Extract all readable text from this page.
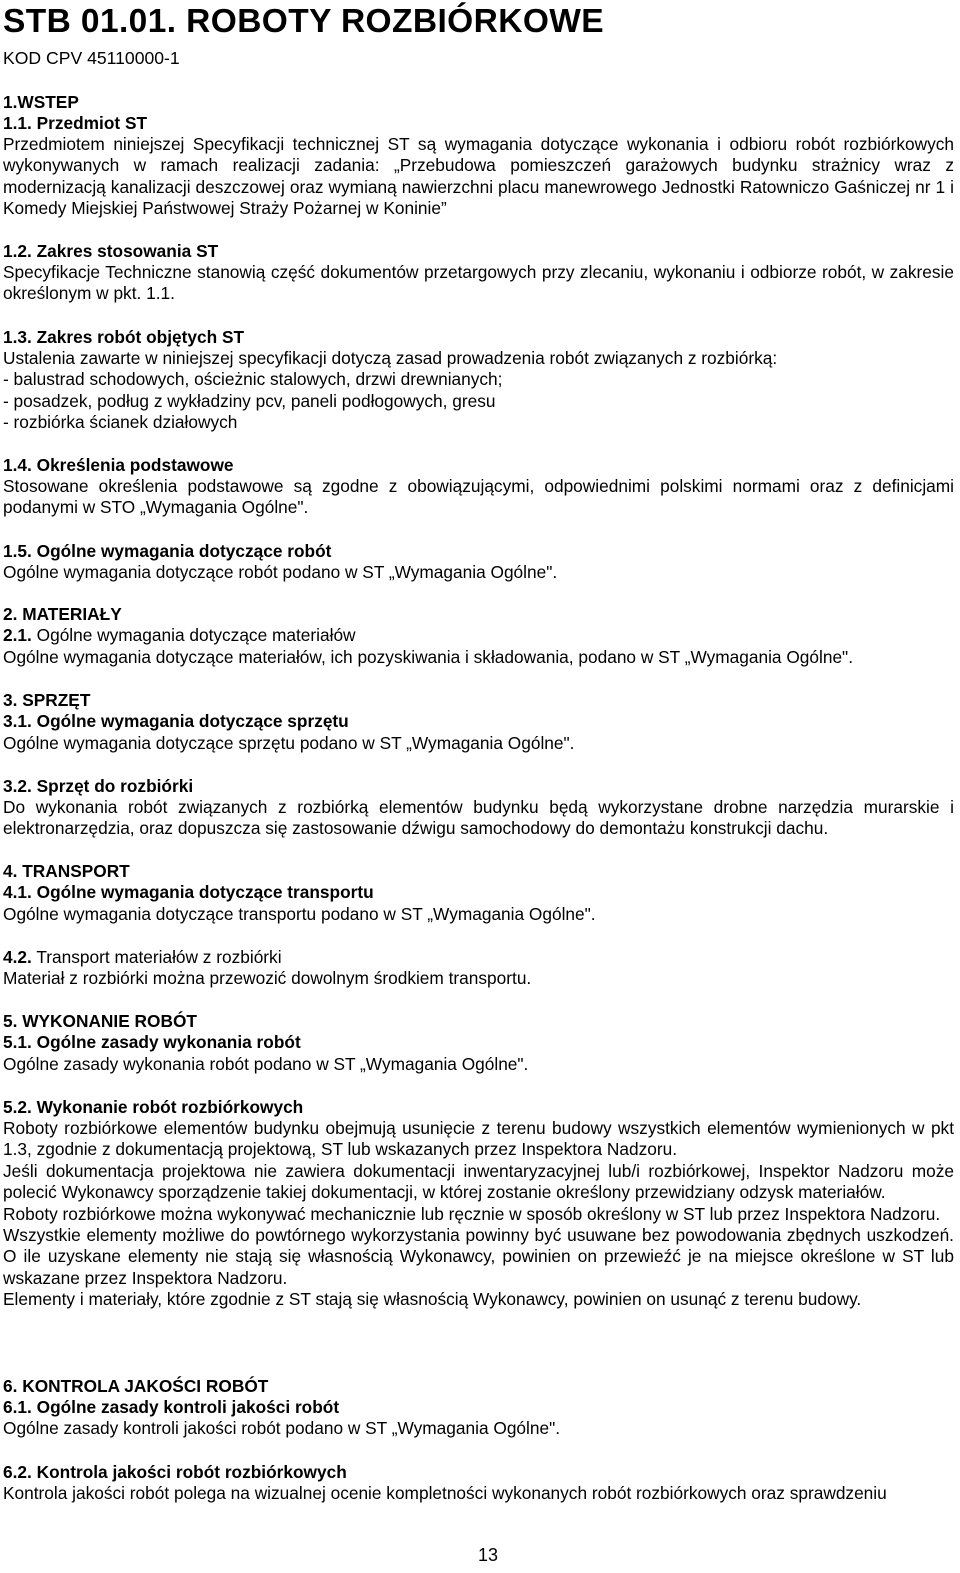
STB 01.01. ROBOTY ROZBIÓRKOWE
KOD CPV 45110000-1
1.WSTEP
1.1. Przedmiot ST
Przedmiotem niniejszej Specyfikacji technicznej ST są wymagania dotyczące wykonania i odbioru robót rozbiórkowych wykonywanych w ramach realizacji zadania: „Przebudowa pomieszczeń garażowych budynku strażnicy wraz z modernizacją kanalizacji deszczowej oraz wymianą nawierzchni placu manewrowego Jednostki Ratowniczo Gaśniczej nr 1 i Komedy Miejskiej Państwowej Straży Pożarnej w Koninie”
1.2. Zakres stosowania ST
Specyfikacje Techniczne stanowią część dokumentów przetargowych przy zlecaniu, wykonaniu i odbiorze robót, w zakresie określonym w pkt. 1.1.
1.3. Zakres robót objętych ST
Ustalenia zawarte w niniejszej specyfikacji dotyczą zasad prowadzenia robót związanych z rozbiórką:
- balustrad schodowych, ościeżnic stalowych, drzwi drewnianych;
- posadzek, podług z wykładziny pcv, paneli podłogowych, gresu
- rozbiórka ścianek działowych
1.4. Określenia podstawowe
Stosowane określenia podstawowe są zgodne z obowiązującymi, odpowiednimi polskimi normami oraz z definicjami podanymi w STO „Wymagania Ogólne".
1.5. Ogólne wymagania dotyczące robót
Ogólne wymagania dotyczące robót podano w ST „Wymagania Ogólne".
2. MATERIAŁY
2.1. Ogólne wymagania dotyczące materiałów
Ogólne wymagania dotyczące materiałów, ich pozyskiwania i składowania, podano w ST „Wymagania Ogólne".
3. SPRZĘT
3.1. Ogólne wymagania dotyczące sprzętu
Ogólne wymagania dotyczące sprzętu podano w ST „Wymagania Ogólne".
3.2. Sprzęt do rozbiórki
Do wykonania robót związanych z rozbiórką elementów budynku będą wykorzystane drobne narzędzia murarskie i elektronarzędzia, oraz dopuszcza się zastosowanie dźwigu samochodowy do demontażu konstrukcji dachu.
4. TRANSPORT
4.1. Ogólne wymagania dotyczące transportu
Ogólne wymagania dotyczące transportu podano w ST „Wymagania Ogólne".
4.2. Transport materiałów z rozbiórki
Materiał z rozbiórki można przewozić dowolnym środkiem transportu.
5. WYKONANIE ROBÓT
5.1. Ogólne zasady wykonania robót
Ogólne zasady wykonania robót podano w ST „Wymagania Ogólne".
5.2. Wykonanie robót rozbiórkowych

Roboty rozbiórkowe elementów budynku obejmują usunięcie z terenu budowy wszystkich elementów wymienionych w pkt 1.3, zgodnie z dokumentacją projektową, ST lub wskazanych przez Inspektora Nadzoru.

Jeśli dokumentacja projektowa nie zawiera dokumentacji inwentaryzacyjnej lub/i rozbiórkowej, Inspektor Nadzoru może polecić Wykonawcy sporządzenie takiej dokumentacji, w której zostanie określony przewidziany odzysk materiałów.

Roboty rozbiórkowe można wykonywać mechanicznie lub ręcznie w sposób określony w ST lub przez Inspektora Nadzoru.

Wszystkie elementy możliwe do powtórnego wykorzystania powinny być usuwane bez powodowania zbędnych uszkodzeń. O ile uzyskane elementy nie stają się własnością Wykonawcy, powinien on przewieźć je na miejsce określone w ST lub wskazane przez Inspektora Nadzoru.

Elementy i materiały, które zgodnie z ST stają się własnością Wykonawcy, powinien on usunąć z terenu budowy.

6. KONTROLA JAKOŚCI ROBÓT
6.1. Ogólne zasady kontroli jakości robót
Ogólne zasady kontroli jakości robót podano w ST „Wymagania Ogólne".
6.2. Kontrola jakości robót rozbiórkowych
Kontrola jakości robót polega na wizualnej ocenie kompletności wykonanych robót rozbiórkowych oraz sprawdzeniu
13
